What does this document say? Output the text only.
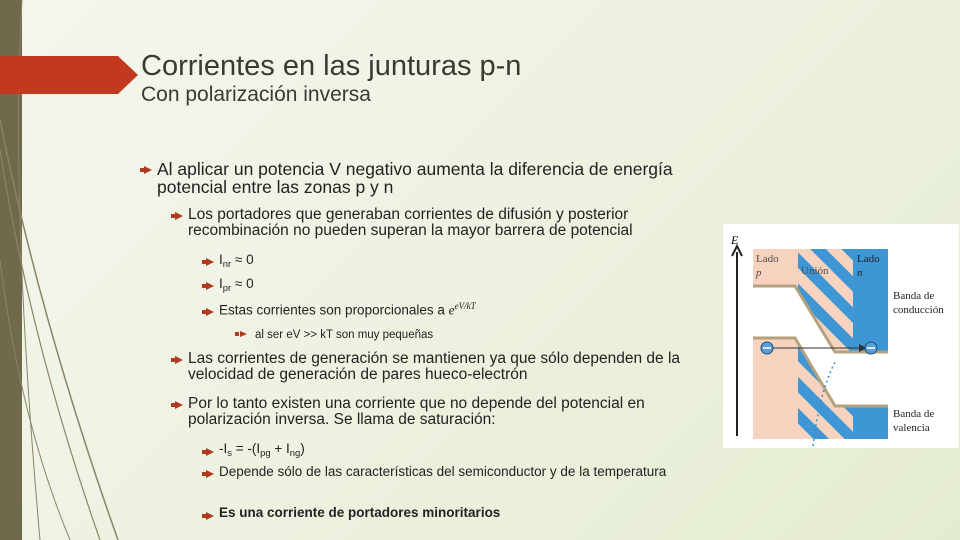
Corrientes en las junturas p-n
Con polarización inversa
Al aplicar un potencia V negativo aumenta la diferencia de energía potencial entre las zonas p y n
Los portadores que generaban corrientes de difusión y posterior recombinación no pueden superan la mayor barrera de potencial
$I_{nr} \approx 0$
$I_{pr} \approx 0$
Estas corrientes son proporcionales a $e^{eV/kT}$
al ser eV >> kT son muy pequeñas
Las corrientes de generación se mantienen ya que sólo dependen de la velocidad de generación de pares hueco-electrón
Por lo tanto existen una corriente que no depende del potencial en polarización inversa. Se llama de saturación:
$-I_s = -(I_{pg} + I_{ng})$
Depende sólo de las características del semiconductor y de la temperatura
Es una corriente de portadores minoritarios
E
Lado
p	Unión
Lado
n
Banda de
conducción
Banda de
valencia
